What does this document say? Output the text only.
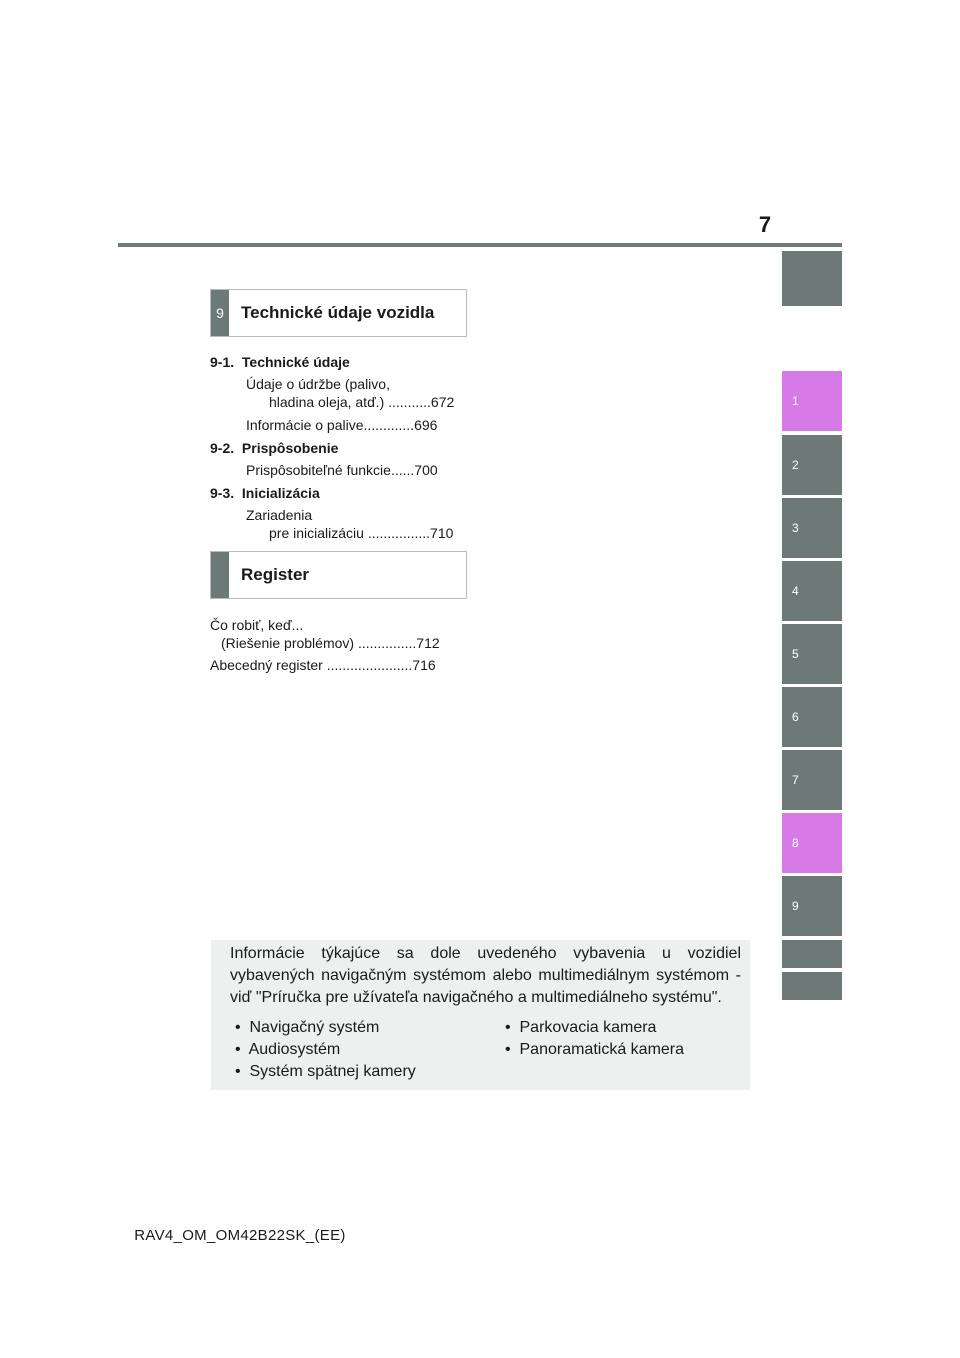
7
1
2
3
4
5
6
7
8
9
9	Technické údaje vozidla
9-1.  Technické údaje
Údaje o údržbe (palivo,
hladina oleja, atď.) ...........672
Informácie o palive.............696
9-2.  Prispôsobenie
Prispôsobiteľné funkcie......700
9-3.  Inicializácia
Zariadenia
pre inicializáciu ................710
Register
Čo robiť, keď...
(Riešenie problémov) ...............712
Abecedný register ......................716
Informácie týkajúce sa dole uvedeného vybavenia u vozidiel vybavených navigačným systémom alebo multimediálnym systémom - viď "Príručka pre užívateľa navigačného a multimediálneho systému".
•  Navigačný systém
•  Audiosystém
•  Systém spätnej kamery
•  Parkovacia kamera
•  Panoramatická kamera
RAV4_OM_OM42B22SK_(EE)
